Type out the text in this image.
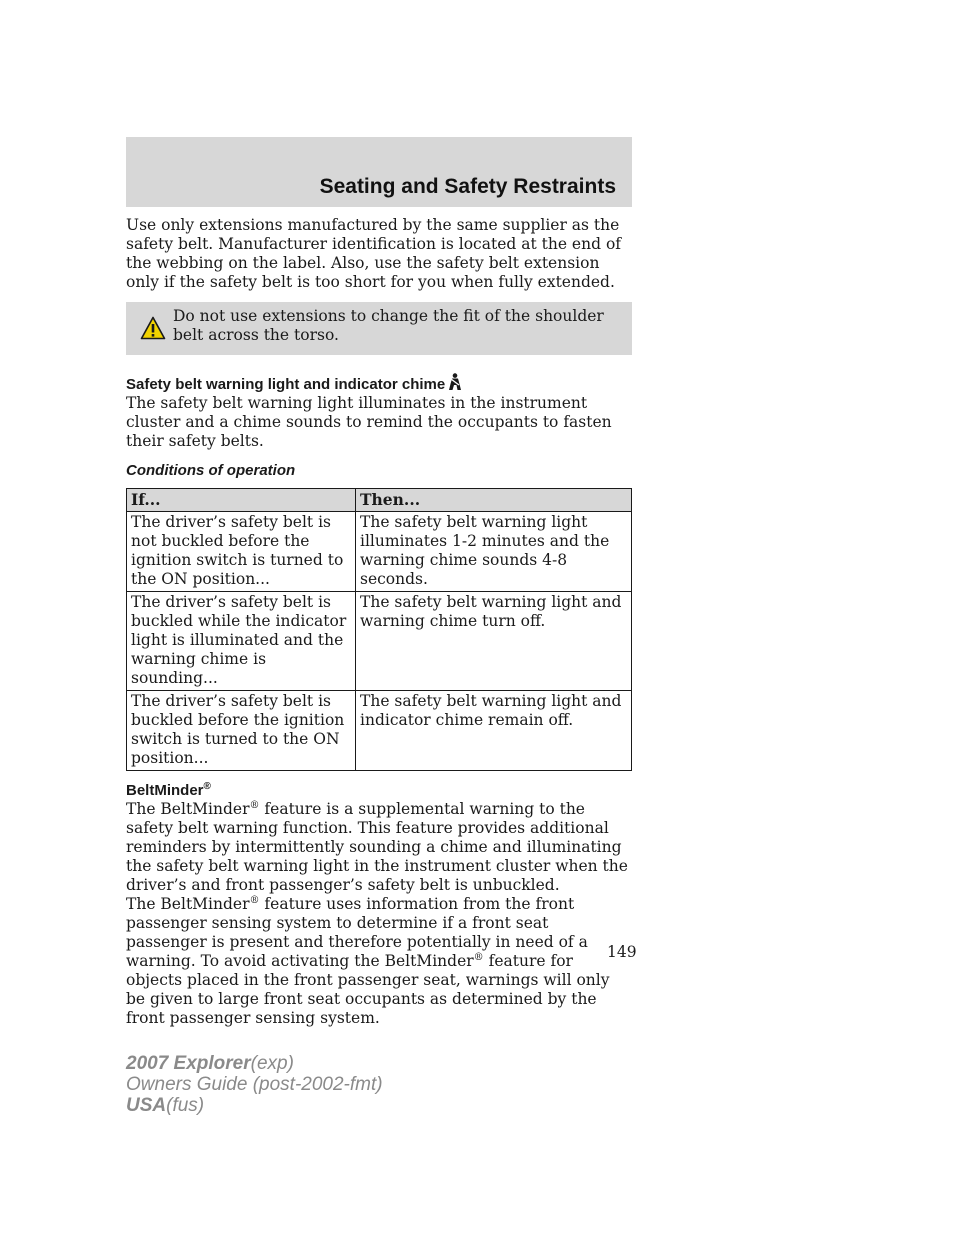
Seating and Safety Restraints

Use only extensions manufactured by the same supplier as the safety belt. Manufacturer identification is located at the end of the webbing on the label. Also, use the safety belt extension only if the safety belt is too short for you when fully extended.

Do not use extensions to change the fit of the shoulder belt across the torso.

Safety belt warning light and indicator chime

The safety belt warning light illuminates in the instrument cluster and a chime sounds to remind the occupants to fasten their safety belts.

Conditions of operation
If...	Then...
The driver’s safety belt is not buckled before the ignition switch is turned to the ON position...	The safety belt warning light illuminates 1-2 minutes and the warning chime sounds 4-8 seconds.
The driver’s safety belt is buckled while the indicator light is illuminated and the warning chime is sounding...	The safety belt warning light and warning chime turn off.
The driver’s safety belt is buckled before the ignition switch is turned to the ON position...	The safety belt warning light and indicator chime remain off.
BeltMinder®

The BeltMinder® feature is a supplemental warning to the safety belt warning function. This feature provides additional reminders by intermittently sounding a chime and illuminating the safety belt warning light in the instrument cluster when the driver’s and front passenger’s safety belt is unbuckled.

The BeltMinder® feature uses information from the front passenger sensing system to determine if a front seat passenger is present and therefore potentially in need of a warning. To avoid activating the BeltMinder® feature for objects placed in the front passenger seat, warnings will only be given to large front seat occupants as determined by the front passenger sensing system.

149
2007 Explorer(exp)
Owners Guide (post-2002-fmt)
USA(fus)
